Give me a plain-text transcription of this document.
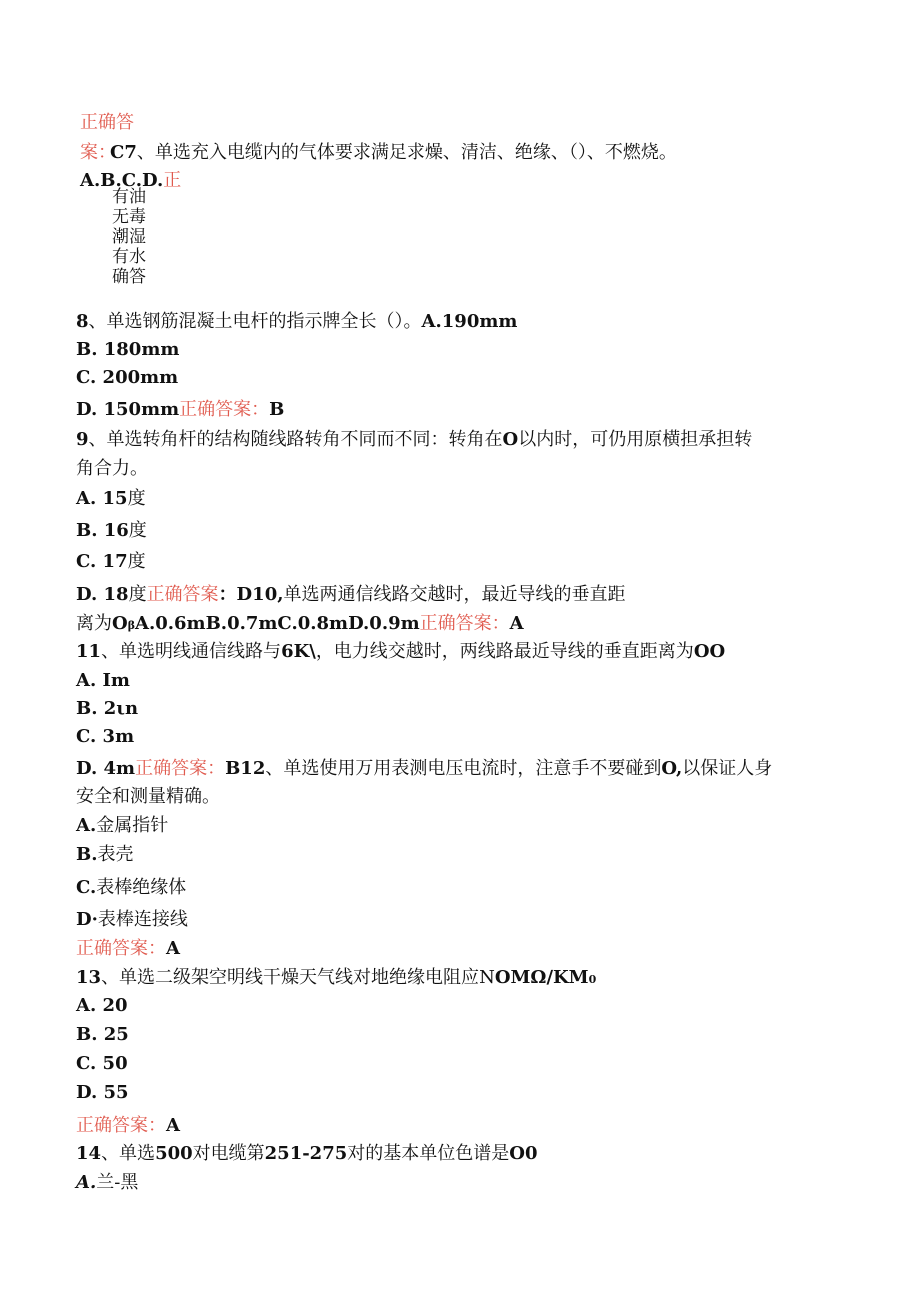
正确答
案：
C7、单选充入电缆内的气体要求满足求燥、清洁、绝缘、（）、不燃烧。
A.B.C.D.正
有油
无毒
潮湿
有水
确答
8、单选钢筋混凝土电杆的指示牌全长（）。A.190mm
B. 180mm
C. 200mm
D. 150mm正确答案：B
9、单选转角杆的结构随线路转角不同而不同：转角在O以内时，可仍用原横担承担转
角合力。
A. 15度
B. 16度
C. 17度
D. 18度正确答案：D10,单选两通信线路交越时，最近导线的垂直距
离为OβA.0.6mB.0.7mC.0.8mD.0.9m正确答案：A
11、单选明线通信线路与6K\，电力线交越时，两线路最近导线的垂直距离为OO
A. Im
B. 2ιn
C. 3m
D. 4m正确答案：B12、单选使用万用表测电压电流时，注意手不要碰到O,以保证人身
安全和测量精确。
A.金属指针
B.表壳
C.表棒绝缘体
D·表棒连接线
正确答案：A
13、单选二级架空明线干燥天气线对地绝缘电阻应NOMΩ∕KM0
A. 20
B. 25
C. 50
D. 55
正确答案：A
14、单选500对电缆第251-275对的基本单位色谱是O0
A.兰-黑
